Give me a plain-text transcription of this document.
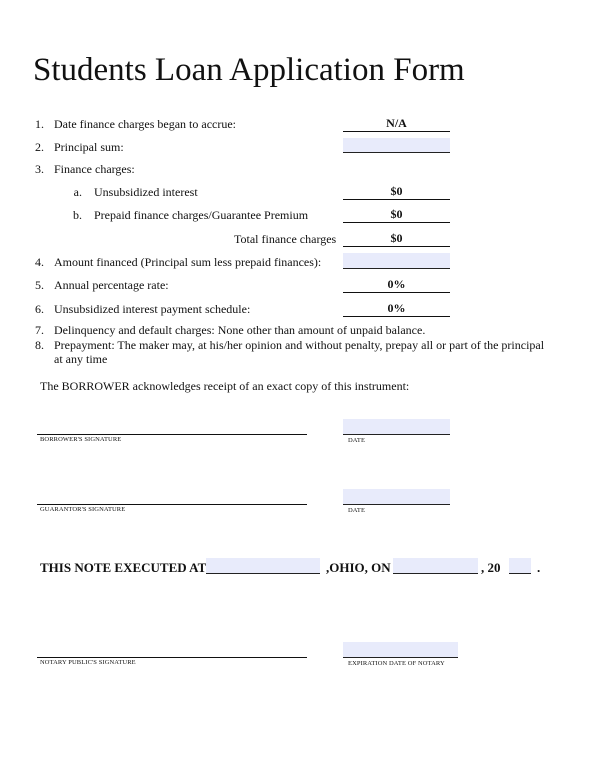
Students Loan Application Form
1. Date finance charges began to accrue:	N/A
2. Principal sum:
3. Finance charges:
a. Unsubsidized interest	$0
b. Prepaid finance charges/Guarantee Premium	$0
Total finance charges	$0
4. Amount financed (Principal sum less prepaid finances):
5. Annual percentage rate:	0%
6. Unsubsidized interest payment schedule:	0%
7. Delinquency and default charges: None other than amount of unpaid balance.
8. Prepayment: The maker may, at his/her opinion and without penalty, prepay all or part of the principal
at any time
The BORROWER acknowledges receipt of an exact copy of this instrument:
BORROWER'S SIGNATURE	DATE
GUARANTOR'S SIGNATURE	DATE
THIS NOTE EXECUTED AT	,OHIO, ON	, 20	.
NOTARY PUBLIC'S SIGNATURE	EXPIRATION DATE OF NOTARY
